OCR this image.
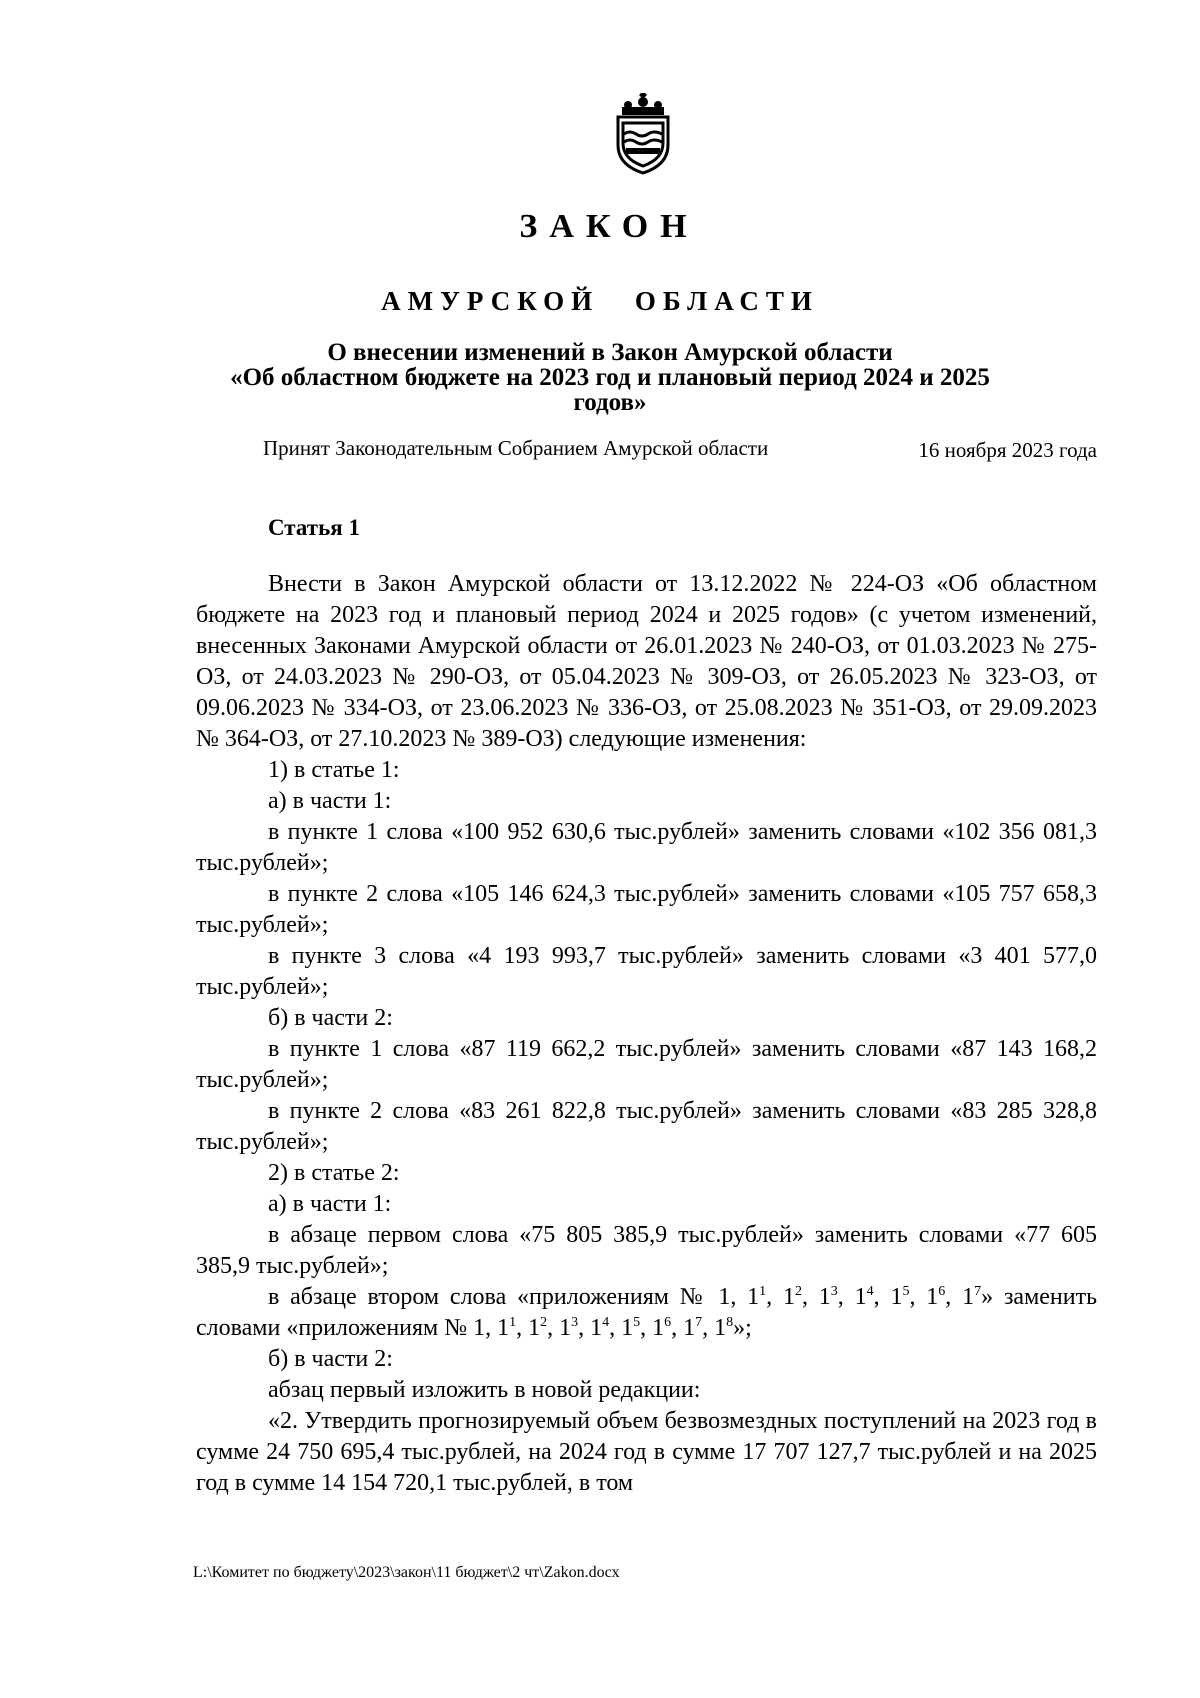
ЗАКОН
АМУРСКОЙ ОБЛАСТИ
О внесении изменений в Закон Амурской области
«Об областном бюджете на 2023 год и плановый период 2024 и 2025
годов»
Принят Законодательным Собранием Амурской области	16 ноября 2023 года
Статья 1

Внести в Закон Амурской области от 13.12.2022 № 224-ОЗ «Об областном бюджете на 2023 год и плановый период 2024 и 2025 годов» (с учетом изменений, внесенных Законами Амурской области от 26.01.2023 № 240-ОЗ, от 01.03.2023 № 275-ОЗ, от 24.03.2023 № 290-ОЗ, от 05.04.2023 № 309-ОЗ, от 26.05.2023 № 323-ОЗ, от 09.06.2023 № 334-ОЗ, от 23.06.2023 № 336-ОЗ, от 25.08.2023 № 351-ОЗ, от 29.09.2023 № 364-ОЗ, от 27.10.2023 № 389-ОЗ) следующие изменения:

1) в статье 1:

а) в части 1:

в пункте 1 слова «100 952 630,6 тыс.рублей» заменить словами «102 356 081,3 тыс.рублей»;

в пункте 2 слова «105 146 624,3 тыс.рублей» заменить словами «105 757 658,3 тыс.рублей»;

в пункте 3 слова «4 193 993,7 тыс.рублей» заменить словами «3 401 577,0 тыс.рублей»;

б) в части 2:

в пункте 1 слова «87 119 662,2 тыс.рублей» заменить словами «87 143 168,2 тыс.рублей»;

в пункте 2 слова «83 261 822,8 тыс.рублей» заменить словами «83 285 328,8 тыс.рублей»;

2) в статье 2:

а) в части 1:

в абзаце первом слова «75 805 385,9 тыс.рублей» заменить словами «77 605 385,9 тыс.рублей»;

в абзаце втором слова «приложениям № 1, $1^1$, $1^2$, $1^3$, $1^4$, $1^5$, $1^6$, $1^7$» заменить словами «приложениям № 1, $1^1$, $1^2$, $1^3$, $1^4$, $1^5$, $1^6$, $1^7$, $1^8$»;

б) в части 2:

абзац первый изложить в новой редакции:

«2. Утвердить прогнозируемый объем безвозмездных поступлений на 2023 год в сумме 24 750 695,4 тыс.рублей, на 2024 год в сумме 17 707 127,7 тыс.рублей и на 2025 год в сумме 14 154 720,1 тыс.рублей, в том

L:\Комитет по бюджету\2023\закон\11 бюджет\2 чт\Zakon.docx
